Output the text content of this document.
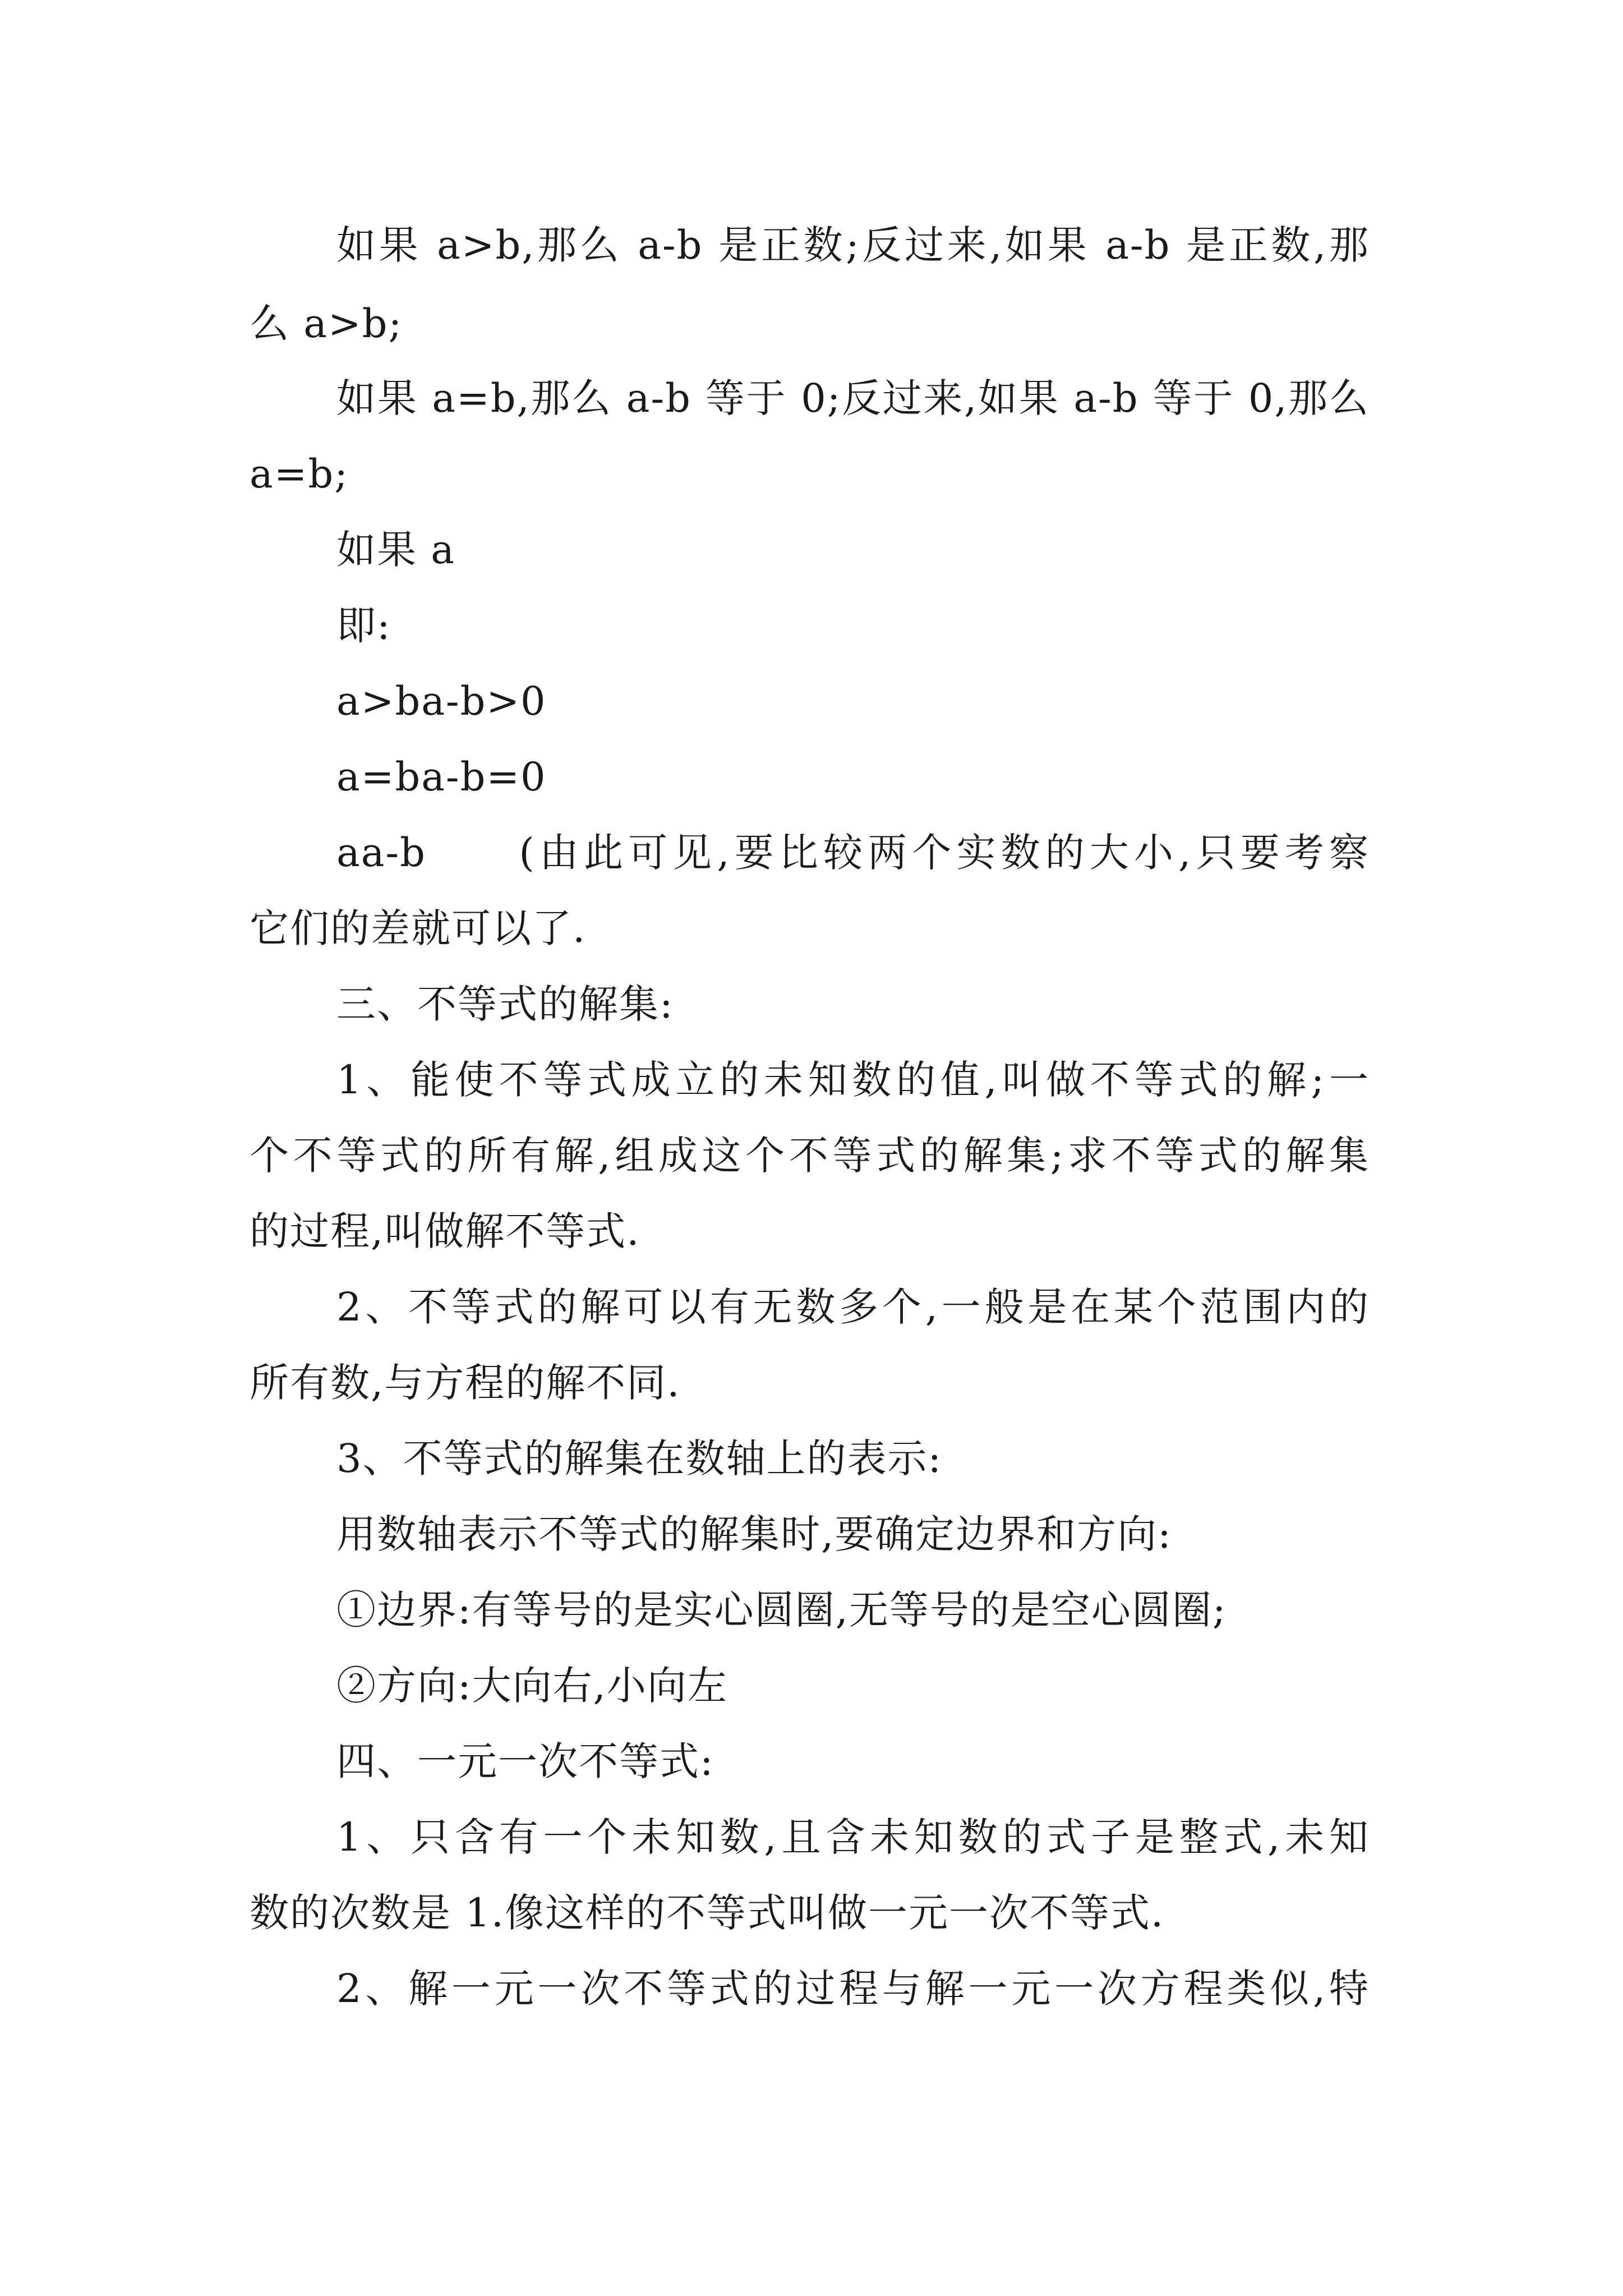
如果 a>b,那么 a-b 是正数;反过来,如果 a-b 是正数,那
么 a>b;
如果 a=b,那么 a-b 等于 0;反过来,如果 a-b 等于 0,那么
a=b;
如果 a
即:
a>ba-b>0
a=ba-b=0
aa-b　　(由此可见,要比较两个实数的大小,只要考察
它们的差就可以了.
三、不等式的解集:
1、能使不等式成立的未知数的值,叫做不等式的解;一
个不等式的所有解,组成这个不等式的解集;求不等式的解集
的过程,叫做解不等式.
2、不等式的解可以有无数多个,一般是在某个范围内的
所有数,与方程的解不同.
3、不等式的解集在数轴上的表示:
用数轴表示不等式的解集时,要确定边界和方向:
①边界:有等号的是实心圆圈,无等号的是空心圆圈;
②方向:大向右,小向左
四、一元一次不等式:
1、只含有一个未知数,且含未知数的式子是整式,未知
数的次数是 1.像这样的不等式叫做一元一次不等式.
2、解一元一次不等式的过程与解一元一次方程类似,特
